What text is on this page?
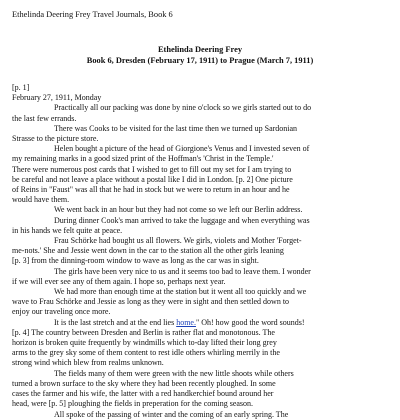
Ethelinda Deering Frey Travel Journals, Book 6
Ethelinda Deering Frey
Book 6, Dresden (February 17, 1911) to Prague (March 7, 1911)
[p. 1]
February 27, 1911, Monday
Practically all our packing was done by nine o'clock so we girls started out to do
the last few errands.
There was Cooks to be visited for the last time then we turned up Sardonian
Strasse to the picture store.
Helen bought a picture of the head of Giorgione's Venus and I invested seven of
my remaining marks in a good sized print of the Hoffman's 'Christ in the Temple.'
There were numerous post cards that I wished to get to fill out my set for I am trying to
be careful and not leave a place without a postal like I did in London. [p. 2] One picture
of Reins in "Faust" was all that he had in stock but we were to return in an hour and he
would have them.
We went back in an hour but they had not come so we left our Berlin address.
During dinner Cook's man arrived to take the luggage and when everything was
in his hands we felt quite at peace.
Frau Schörke had bought us all flowers. We girls, violets and Mother 'Forget-
me-nots.' She and Jessie went down in the car to the station all the other girls leaning
[p. 3] from the dinning-room window to wave as long as the car was in sight.
The girls have been very nice to us and it seems too bad to leave them. I wonder
if we will ever see any of them again. I hope so, perhaps next year.
We had more than enough time at the station but it went all too quickly and we
wave to Frau Schörke and Jessie as long as they were in sight and then settled down to
enjoy our traveling once more.
It is the last stretch and at the end lies home." Oh! how good the word sounds!
[p. 4] The country between Dresden and Berlin is rather flat and monotonous. The
horizon is broken quite frequently by windmills which to-day lifted their long grey
arms to the grey sky some of them content to rest idle others whirling merrily in the
strong wind which blew from realms unknown.
The fields many of them were green with the new little shoots while others
turned a brown surface to the sky where they had been recently ploughed. In some
cases the farmer and his wife, the latter with a red handkerchief bound around her
head, were [p. 5] ploughing the fields in preperation for the coming season.
All spoke of the passing of winter and the coming of an early spring. The
